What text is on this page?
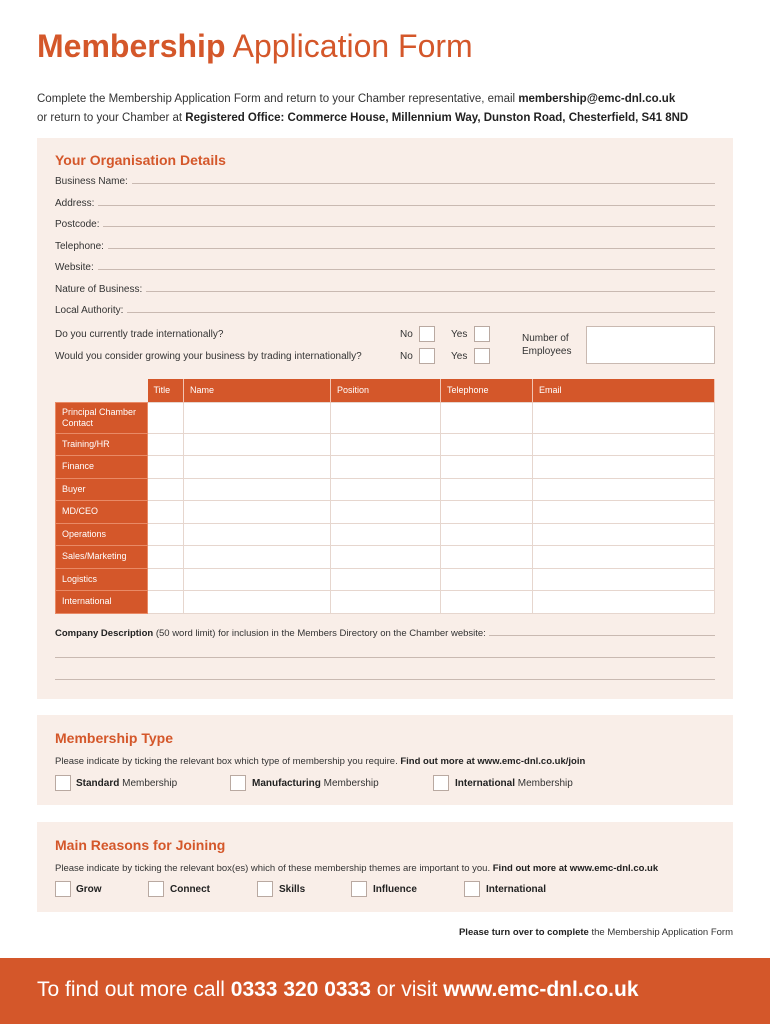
Membership Application Form
Complete the Membership Application Form and return to your Chamber representative, email membership@emc-dnl.co.uk
or return to your Chamber at Registered Office: Commerce House, Millennium Way, Dunston Road, Chesterfield, S41 8ND
Your Organisation Details
Business Name:
Address:
Postcode:
Telephone:
Website:
Nature of Business:
Local Authority:
Do you currently trade internationally?	No	Yes
Would you consider growing your business by trading internationally?	No	Yes
Number of Employees
	Title	Name	Position	Telephone	Email
Principal Chamber Contact					
Training/HR					
Finance					
Buyer					
MD/CEO					
Operations					
Sales/Marketing					
Logistics					
International					
Company Description (50 word limit) for inclusion in the Members Directory on the Chamber website:
Membership Type
Please indicate by ticking the relevant box which type of membership you require. Find out more at www.emc-dnl.co.uk/join
Standard Membership	Manufacturing Membership	International Membership
Main Reasons for Joining
Please indicate by ticking the relevant box(es) which of these membership themes are important to you. Find out more at www.emc-dnl.co.uk
Grow	Connect	Skills	Influence	International
Please turn over to complete the Membership Application Form
To find out more call 0333 320 0333 or visit www.emc-dnl.co.uk
